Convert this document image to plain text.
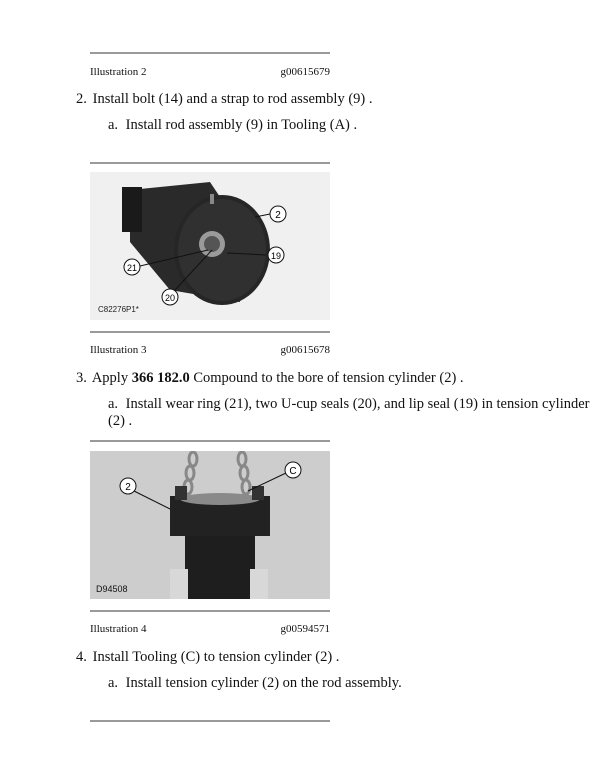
Illustration 2	g00615679
2. Install bolt (14) and a strap to rod assembly (9) .
a. Install rod assembly (9) in Tooling (A) .
2
19
21
20
C82276P1*
Illustration 3	g00615678
3. Apply 366 182.0 Compound to the bore of tension cylinder (2) .
a. Install wear ring (21), two U-cup seals (20), and lip seal (19) in tension cylinder (2) .
2
C
D94508
Illustration 4	g00594571
4. Install Tooling (C) to tension cylinder (2) .
a. Install tension cylinder (2) on the rod assembly.
